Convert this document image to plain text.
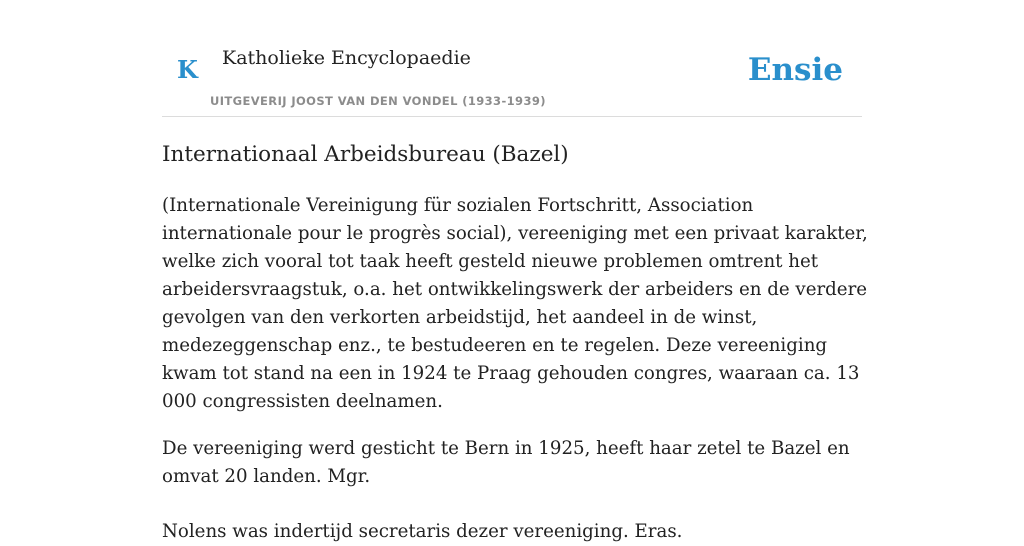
K Katholieke Encyclopaedie
UITGEVERIJ JOOST VAN DEN VONDEL (1933-1939)
Ensie
Internationaal Arbeidsbureau (Bazel)

(Internationale Vereinigung für sozialen Fortschritt, Association internationale pour le progrès social), vereeniging met een privaat karakter, welke zich vooral tot taak heeft gesteld nieuwe problemen omtrent het arbeidersvraagstuk, o.a. het ontwikkelingswerk der arbeiders en de verdere gevolgen van den verkorten arbeidstijd, het aandeel in de winst, medezeggenschap enz., te bestudeeren en te regelen. Deze vereeniging kwam tot stand na een in 1924 te Praag gehouden congres, waaraan ca. 13 000 congressisten deelnamen.

De vereeniging werd gesticht te Bern in 1925, heeft haar zetel te Bazel en omvat 20 landen. Mgr.

Nolens was indertijd secretaris dezer vereeniging. Eras.
